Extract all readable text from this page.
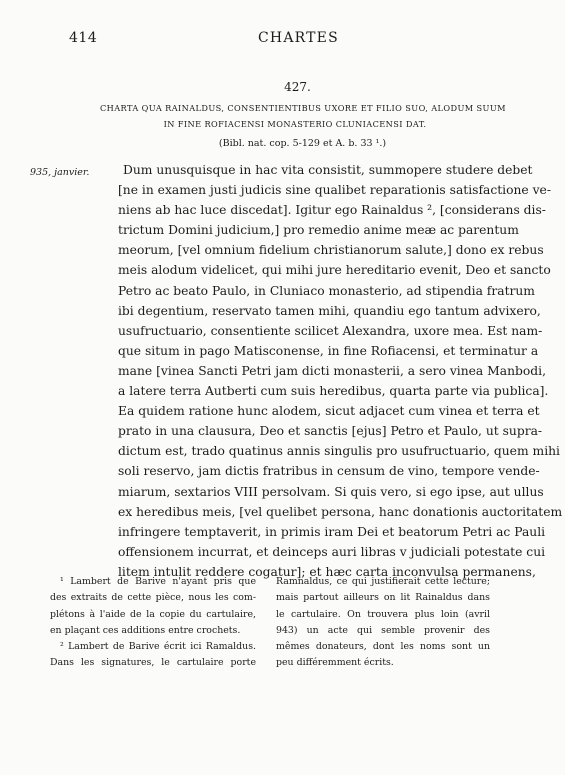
414	CHARTES
427.
CHARTA QUA RAINALDUS, CONSENTIENTIBUS UXORE ET FILIO SUO, ALODUM SUUM
IN FINE ROFIACENSI MONASTERIO CLUNIACENSI DAT.
(Bibl. nat. cop. 5-129 et A. b. 33 ¹.)
935, janvier.	Dum unusquisque in hac vita consistit, summopere studere debet
[ne in examen justi judicis sine qualibet reparationis satisfactione ve-
niens ab hac luce discedat]. Igitur ego Rainaldus ², [considerans dis-
trictum Domini judicium,] pro remedio anime meæ ac parentum
meorum, [vel omnium fidelium christianorum salute,] dono ex rebus
meis alodum videlicet, qui mihi jure hereditario evenit, Deo et sancto
Petro ac beato Paulo, in Cluniaco monasterio, ad stipendia fratrum
ibi degentium, reservato tamen mihi, quandiu ego tantum advixero,
usufructuario, consentiente scilicet Alexandra, uxore mea. Est nam-
que situm in pago Matisconense, in fine Rofiacensi, et terminatur a
mane [vinea Sancti Petri jam dicti monasterii, a sero vinea Manbodi,
a latere terra Autberti cum suis heredibus, quarta parte via publica].
Ea quidem ratione hunc alodem, sicut adjacet cum vinea et terra et
prato in una clausura, Deo et sanctis [ejus] Petro et Paulo, ut supra-
dictum est, trado quatinus annis singulis pro usufructuario, quem mihi
soli reservo, jam dictis fratribus in censum de vino, tempore vende-
miarum, sextarios VIII persolvam. Si quis vero, si ego ipse, aut ullus
ex heredibus meis, [vel quelibet persona, hanc donationis auctoritatem
infringere temptaverit, in primis iram Dei et beatorum Petri ac Pauli
offensionem incurrat, et deinceps auri libras v judiciali potestate cui
litem intulit reddere cogatur]; et hæc carta inconvulsa permanens,
¹ Lambert de Barive n'ayant pris que
des extraits de cette pièce, nous les com-
plétons à l'aide de la copie du cartulaire,
en plaçant ces additions entre crochets.
² Lambert de Barive écrit ici Ramaldus.
Dans les signatures, le cartulaire porte
Ramnaldus, ce qui justifierait cette lecture;
mais partout ailleurs on lit Rainaldus dans
le cartulaire. On trouvera plus loin (avril
943) un acte qui semble provenir des
mêmes donateurs, dont les noms sont un
peu différemment écrits.
